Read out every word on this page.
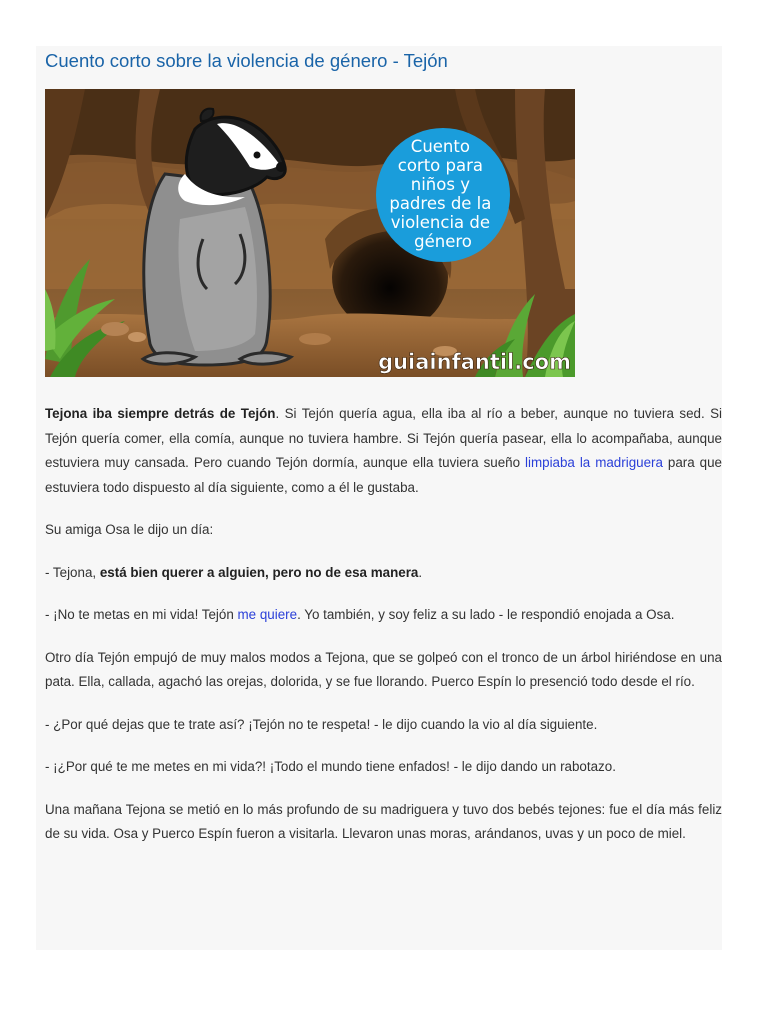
Cuento corto sobre la violencia de género - Tejón
Cuento corto para niños y padres de la violencia de género
guiainfantil.com

Tejona iba siempre detrás de Tejón. Si Tejón quería agua, ella iba al río a beber, aunque no tuviera sed. Si Tejón quería comer, ella comía, aunque no tuviera hambre. Si Tejón quería pasear, ella lo acompañaba, aunque estuviera muy cansada. Pero cuando Tejón dormía, aunque ella tuviera sueño limpiaba la madriguera para que estuviera todo dispuesto al día siguiente, como a él le gustaba.

Su amiga Osa le dijo un día:

- Tejona, está bien querer a alguien, pero no de esa manera.

- ¡No te metas en mi vida! Tejón me quiere. Yo también, y soy feliz a su lado - le respondió enojada a Osa.

Otro día Tejón empujó de muy malos modos a Tejona, que se golpeó con el tronco de un árbol hiriéndose en una pata. Ella, callada, agachó las orejas, dolorida, y se fue llorando. Puerco Espín lo presenció todo desde el río.

- ¿Por qué dejas que te trate así? ¡Tejón no te respeta! - le dijo cuando la vio al día siguiente.

- ¡¿Por qué te me metes en mi vida?! ¡Todo el mundo tiene enfados! - le dijo dando un rabotazo.

Una mañana Tejona se metió en lo más profundo de su madriguera y tuvo dos bebés tejones: fue el día más feliz de su vida. Osa y Puerco Espín fueron a visitarla. Llevaron unas moras, arándanos, uvas y un poco de miel.
